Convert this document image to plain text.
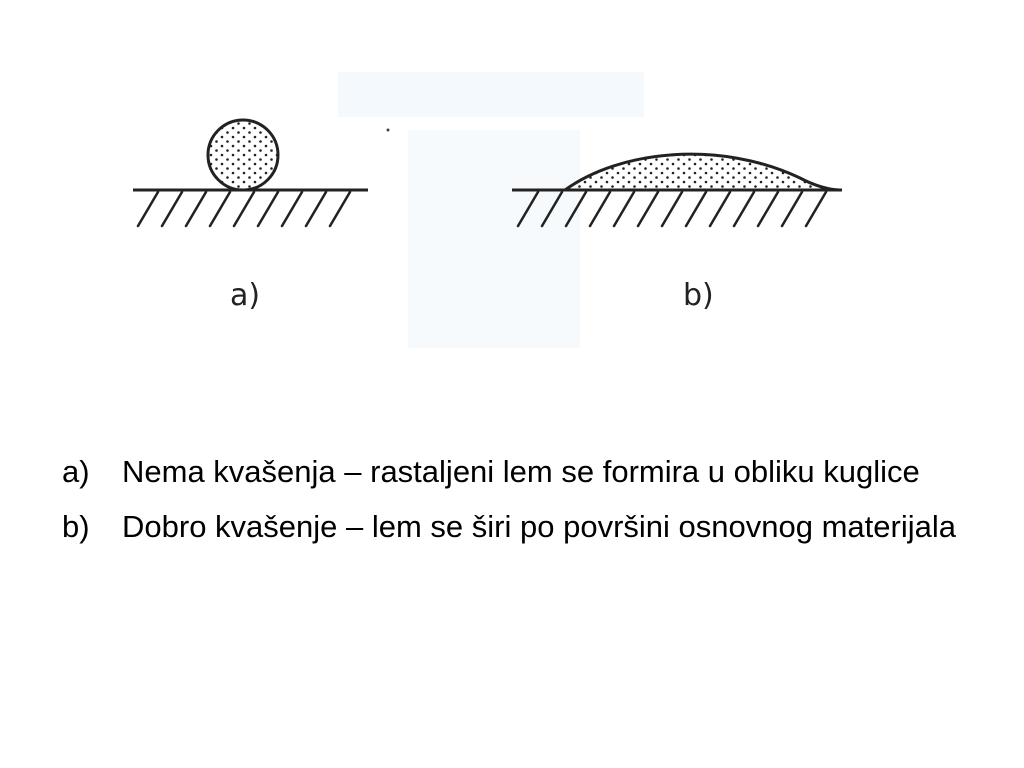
a)	b)
a) Nema kvašenja – rastaljeni lem se formira u obliku kuglice
b) Dobro kvašenje – lem se širi po površini osnovnog materijala
